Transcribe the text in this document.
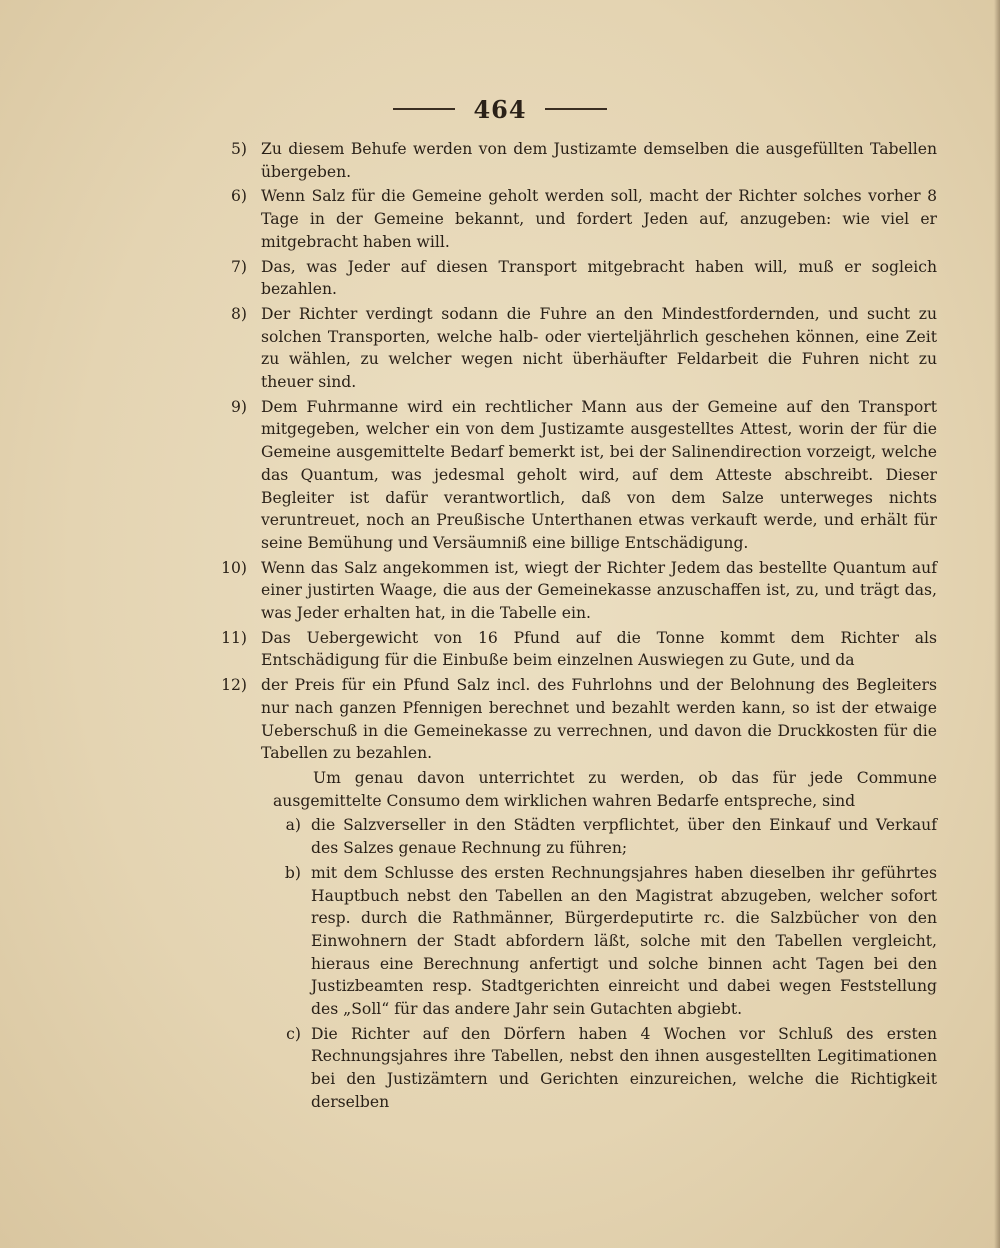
464
5) Zu diesem Behufe werden von dem Justizamte demselben die ausgefüllten Tabellen übergeben.
6) Wenn Salz für die Gemeine geholt werden soll, macht der Richter solches vorher 8 Tage in der Gemeine bekannt, und fordert Jeden auf, anzugeben: wie viel er mitgebracht haben will.
7) Das, was Jeder auf diesen Transport mitgebracht haben will, muß er sogleich bezahlen.
8) Der Richter verdingt sodann die Fuhre an den Mindestfordernden, und sucht zu solchen Transporten, welche halb- oder vierteljährlich geschehen können, eine Zeit zu wählen, zu welcher wegen nicht überhäufter Feldarbeit die Fuhren nicht zu theuer sind.
9) Dem Fuhrmanne wird ein rechtlicher Mann aus der Gemeine auf den Transport mitgegeben, welcher ein von dem Justizamte ausgestelltes Attest, worin der für die Gemeine ausgemittelte Bedarf bemerkt ist, bei der Salinendirection vorzeigt, welche das Quantum, was jedesmal geholt wird, auf dem Atteste abschreibt. Dieser Begleiter ist dafür verantwortlich, daß von dem Salze unterweges nichts veruntreuet, noch an Preußische Unterthanen etwas verkauft werde, und erhält für seine Bemühung und Versäumniß eine billige Entschädigung.
10) Wenn das Salz angekommen ist, wiegt der Richter Jedem das bestellte Quantum auf einer justirten Waage, die aus der Gemeinekasse anzuschaffen ist, zu, und trägt das, was Jeder erhalten hat, in die Tabelle ein.
11) Das Uebergewicht von 16 Pfund auf die Tonne kommt dem Richter als Entschädigung für die Einbuße beim einzelnen Auswiegen zu Gute, und da
12) der Preis für ein Pfund Salz incl. des Fuhrlohns und der Belohnung des Begleiters nur nach ganzen Pfennigen berechnet und bezahlt werden kann, so ist der etwaige Ueberschuß in die Gemeinekasse zu verrechnen, und davon die Druckkosten für die Tabellen zu bezahlen.

Um genau davon unterrichtet zu werden, ob das für jede Commune ausgemittelte Consumo dem wirklichen wahren Bedarfe entspreche, sind

a) die Salzverseller in den Städten verpflichtet, über den Einkauf und Verkauf des Salzes genaue Rechnung zu führen;
b) mit dem Schlusse des ersten Rechnungsjahres haben dieselben ihr geführtes Hauptbuch nebst den Tabellen an den Magistrat abzugeben, welcher sofort resp. durch die Rathmänner, Bürgerdeputirte rc. die Salzbücher von den Einwohnern der Stadt abfordern läßt, solche mit den Tabellen vergleicht, hieraus eine Berechnung anfertigt und solche binnen acht Tagen bei den Justizbeamten resp. Stadtgerichten einreicht und dabei wegen Feststellung des „Soll“ für das andere Jahr sein Gutachten abgiebt.
c) Die Richter auf den Dörfern haben 4 Wochen vor Schluß des ersten Rechnungsjahres ihre Tabellen, nebst den ihnen ausgestellten Legitimationen bei den Justizämtern und Gerichten einzureichen, welche die Richtigkeit derselben
